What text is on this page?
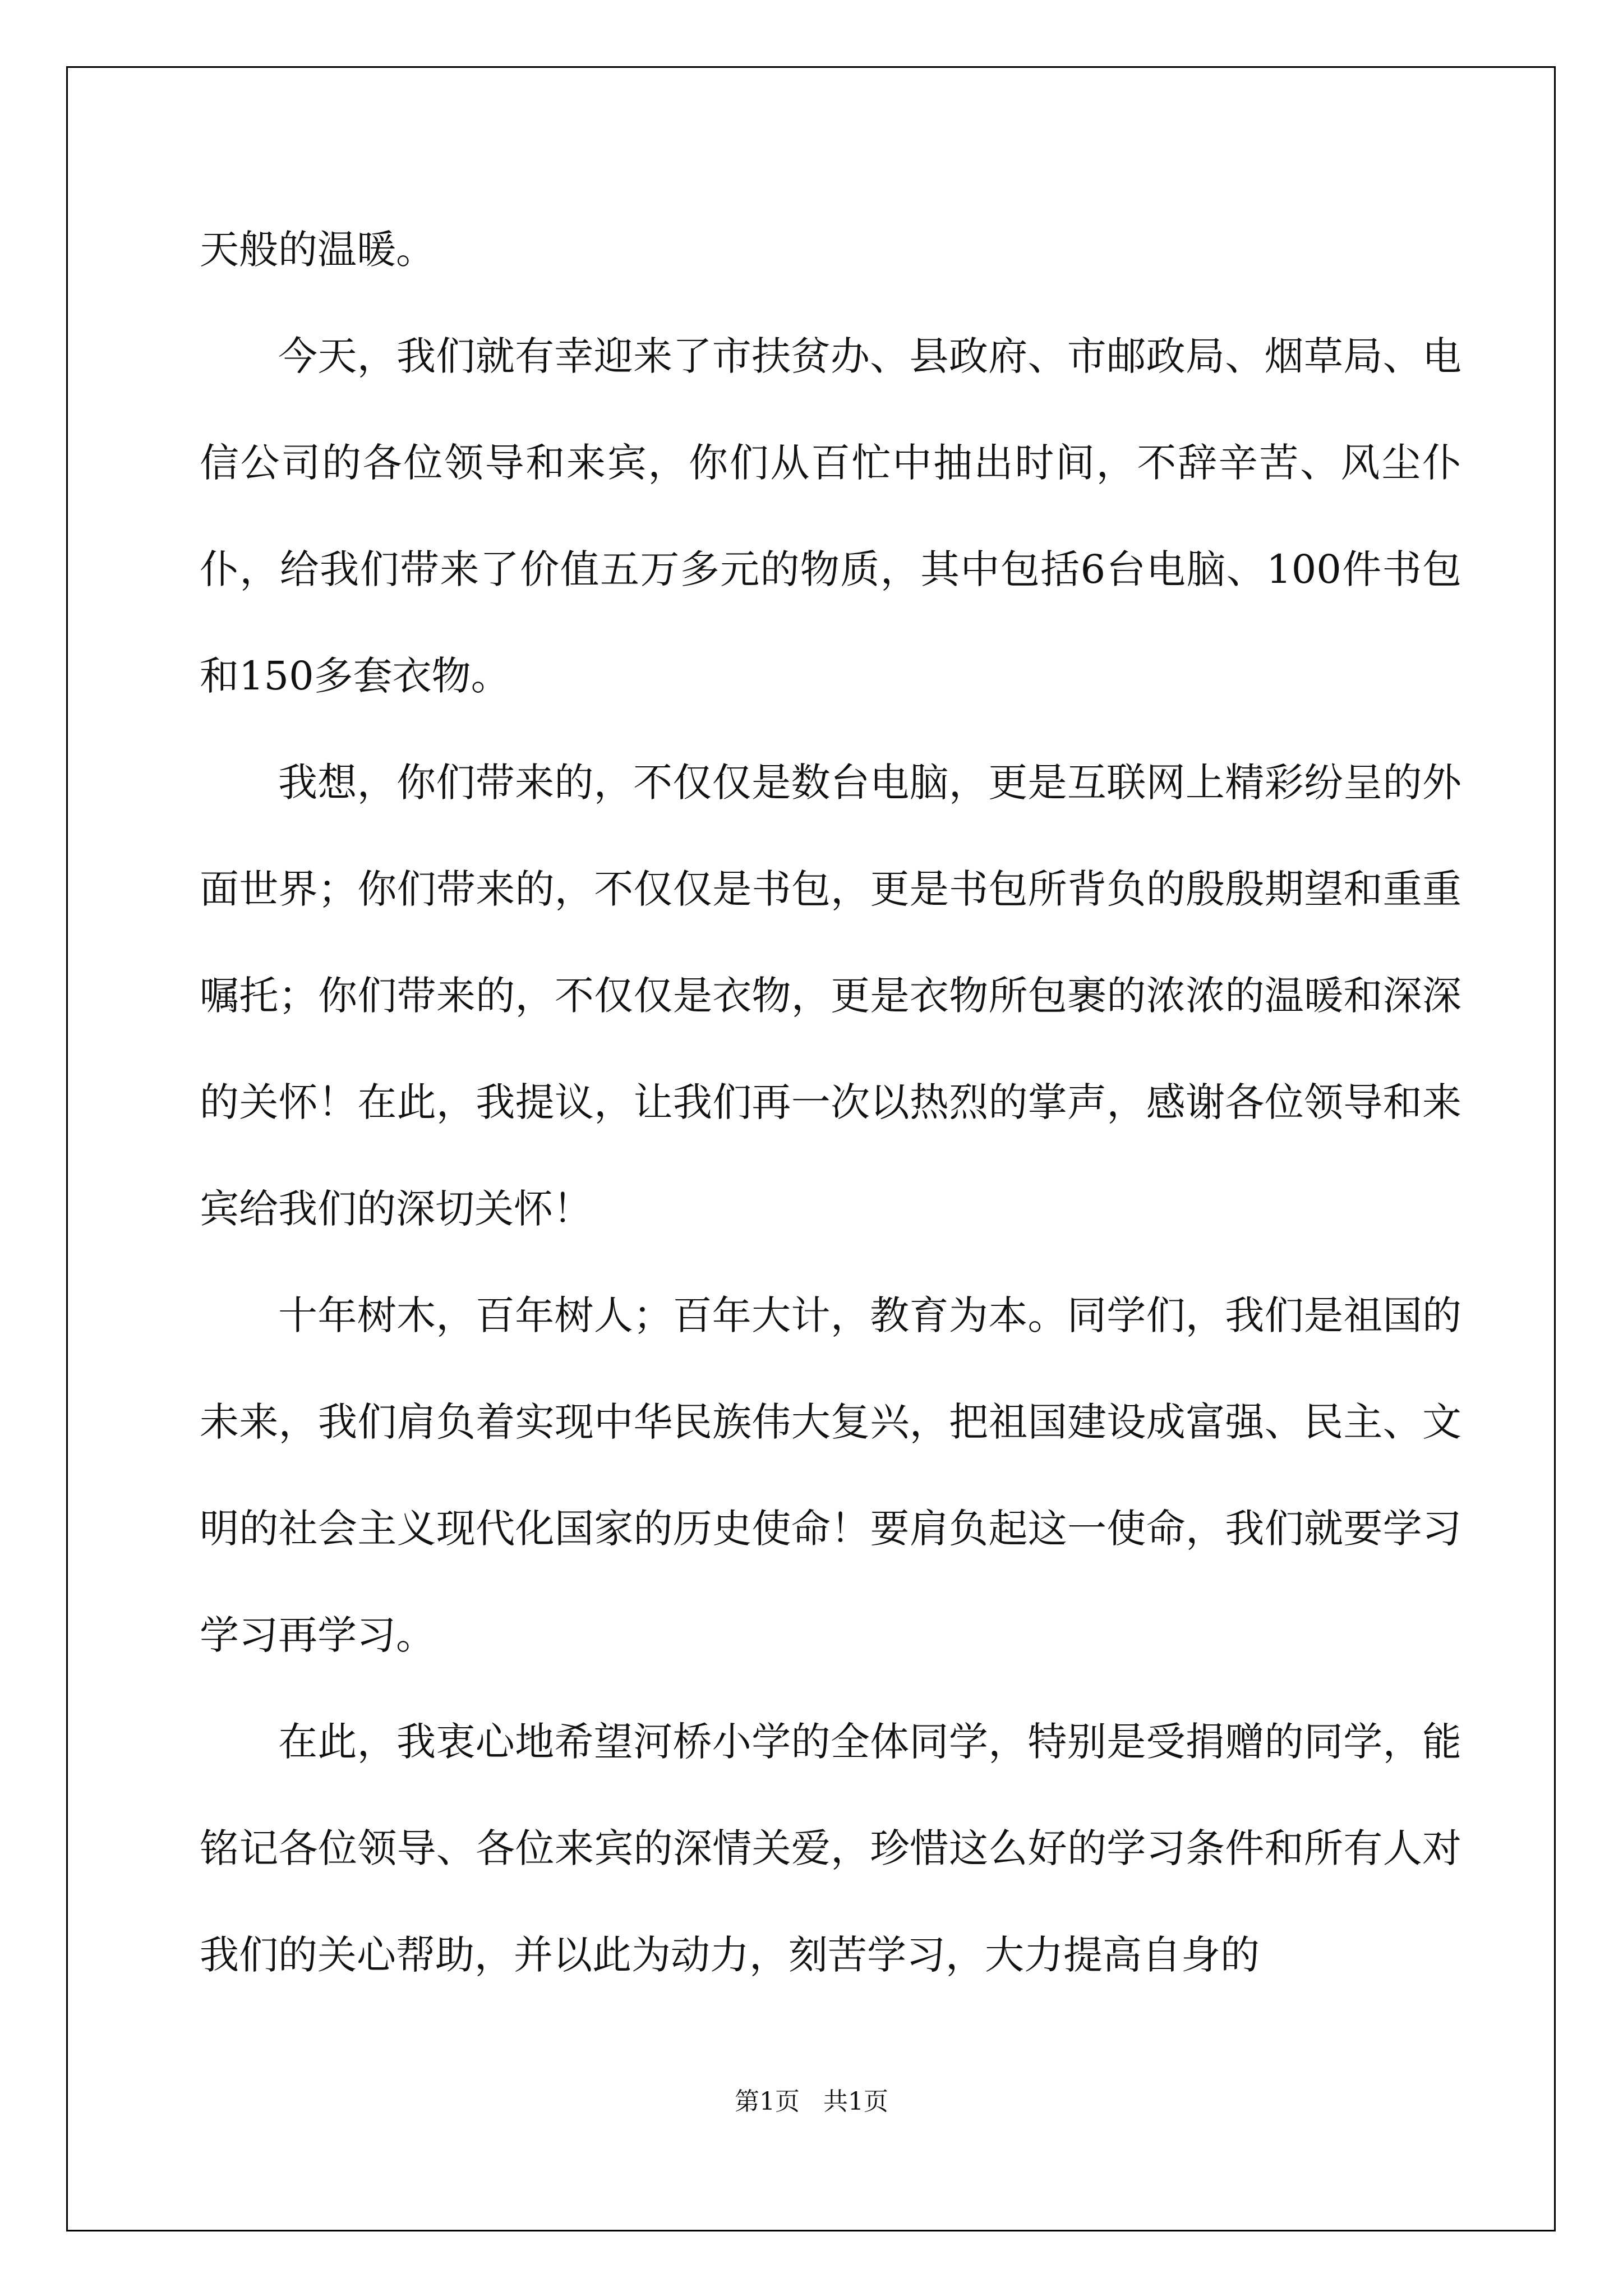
天般的温暖。

今天，我们就有幸迎来了市扶贫办、县政府、市邮政局、烟草局、电信公司的各位领导和来宾，你们从百忙中抽出时间，不辞辛苦、风尘仆仆，给我们带来了价值五万多元的物质，其中包括6台电脑、100件书包和150多套衣物。

我想，你们带来的，不仅仅是数台电脑，更是互联网上精彩纷呈的外面世界；你们带来的，不仅仅是书包，更是书包所背负的殷殷期望和重重嘱托；你们带来的，不仅仅是衣物，更是衣物所包裹的浓浓的温暖和深深的关怀！在此，我提议，让我们再一次以热烈的掌声，感谢各位领导和来宾给我们的深切关怀！

十年树木，百年树人；百年大计，教育为本。同学们，我们是祖国的未来，我们肩负着实现中华民族伟大复兴，把祖国建设成富强、民主、文明的社会主义现代化国家的历史使命！要肩负起这一使命，我们就要学习学习再学习。

在此，我衷心地希望河桥小学的全体同学，特别是受捐赠的同学，能铭记各位领导、各位来宾的深情关爱，珍惜这么好的学习条件和所有人对我们的关心帮助，并以此为动力，刻苦学习，大力提高自身的

第1页   共1页
